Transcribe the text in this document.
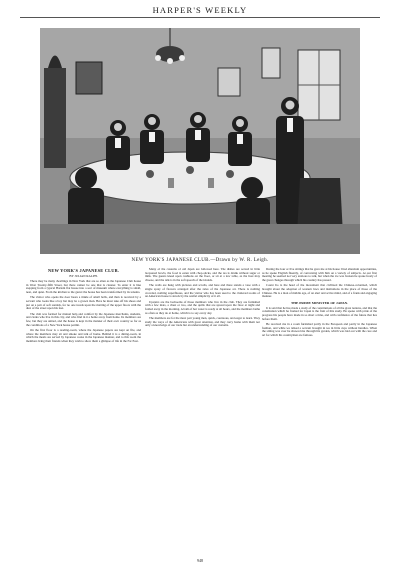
HARPER'S WEEKLY
NEW YORK'S JAPANESE CLUB.—Drawn by W. R. Leigh.
NEW YORK'S JAPANESE CLUB.
BY JULIAN RALPH.

There may be many dwellings in New York that are so alien as the Japanese Club house in West Twenty-fifth Street, but there cannot be one that is cleaner. To enter it is like stepping from a typical Harlem flat house into a sort of museum where everything is small, neat, and quiet. From the kitchen to the garret the house has been transformed by its tenants.

The visitor who opens the door hears a tinkle of small bells, and then is received by a servant who looks like a boy but may be a grown man. Here he must take off his shoes and put on a pair of soft sandals, for no one treads upon the matting of the upper floors with the dust of the street upon his feet.

The club was formed for mutual help and comfort by the Japanese merchants, students, and clerks who live in this city, and who find in it a home away from home. Its members are few, but they are united, and the house is kept in the manner of their own country so far as the conditions of a New York house permit.

On the first floor is a reading-room, where the Japanese papers are kept on file, and where the members may sit and smoke and talk of home. Behind it is a dining-room, in which the meals are served by Japanese cooks in the Japanese manner, and to this room the members bring their friends when they wish to show them a glimpse of life in the Far East.

Many of the customs of old Japan are followed here. The dishes are served in little lacquered bowls, the food is eaten with chop-sticks, and the tea is drunk without sugar or milk. The guests kneel upon cushions on the floor, or sit at a low table, as the host may choose, and the talk is in the soft speech of the islands.

The walls are hung with pictures and scrolls, and here and there stands a vase with a single spray of flowers arranged after the rules of the Japanese art. There is nothing crowded, nothing superfluous, and the visitor who has been used to the cluttered rooms of an American house is struck by the restful simplicity of it all.

Upstairs are the bedrooms of those members who live in the club. They are furnished with a few mats, a chest or two, and the quilts that are spread upon the floor at night and folded away in the morning. A bath of hot water is ready at all hours, and the members bathe as often as they do at home, which is to say every day.

The members are for the most part young men, quick, courteous, and eager to learn. They study the ways of the Americans with great attention, and they carry home with them not only a knowledge of our trade but an understanding of our customs.

During the four or five sittings that he gave me at his house I had abundant opportunities, as he spoke English fluently, of conversing with him on a variety of subjects. At our first meeting he seemed not very anxious to talk, but when the ice was broken he spoke freely of the great changes through which his country has passed.

Count Ito is the head of the movement that civilized the Chinese-colonized, which brought about the adoption of western laws and institutions in the place of those of the Chinese. He is a man of middle age, of an alert and active mind, and of a frank and engaging manner.

THE PRIME MINISTER OF JAPAN.

It is said that he has made a study of the constitutions of all the great nations, and that the constitution which he framed for Japan is the fruit of this study. He spoke with pride of the progress his people have made in so short a time, and with confidence of the future that lies before them.

He received me in a room furnished partly in the European and partly in the Japanese fashion, and while we talked a servant brought in tea in little cups without handles. When the sitting was over he showed me through his garden, which was laid out with the care and art for which his countrymen are famous.

948
